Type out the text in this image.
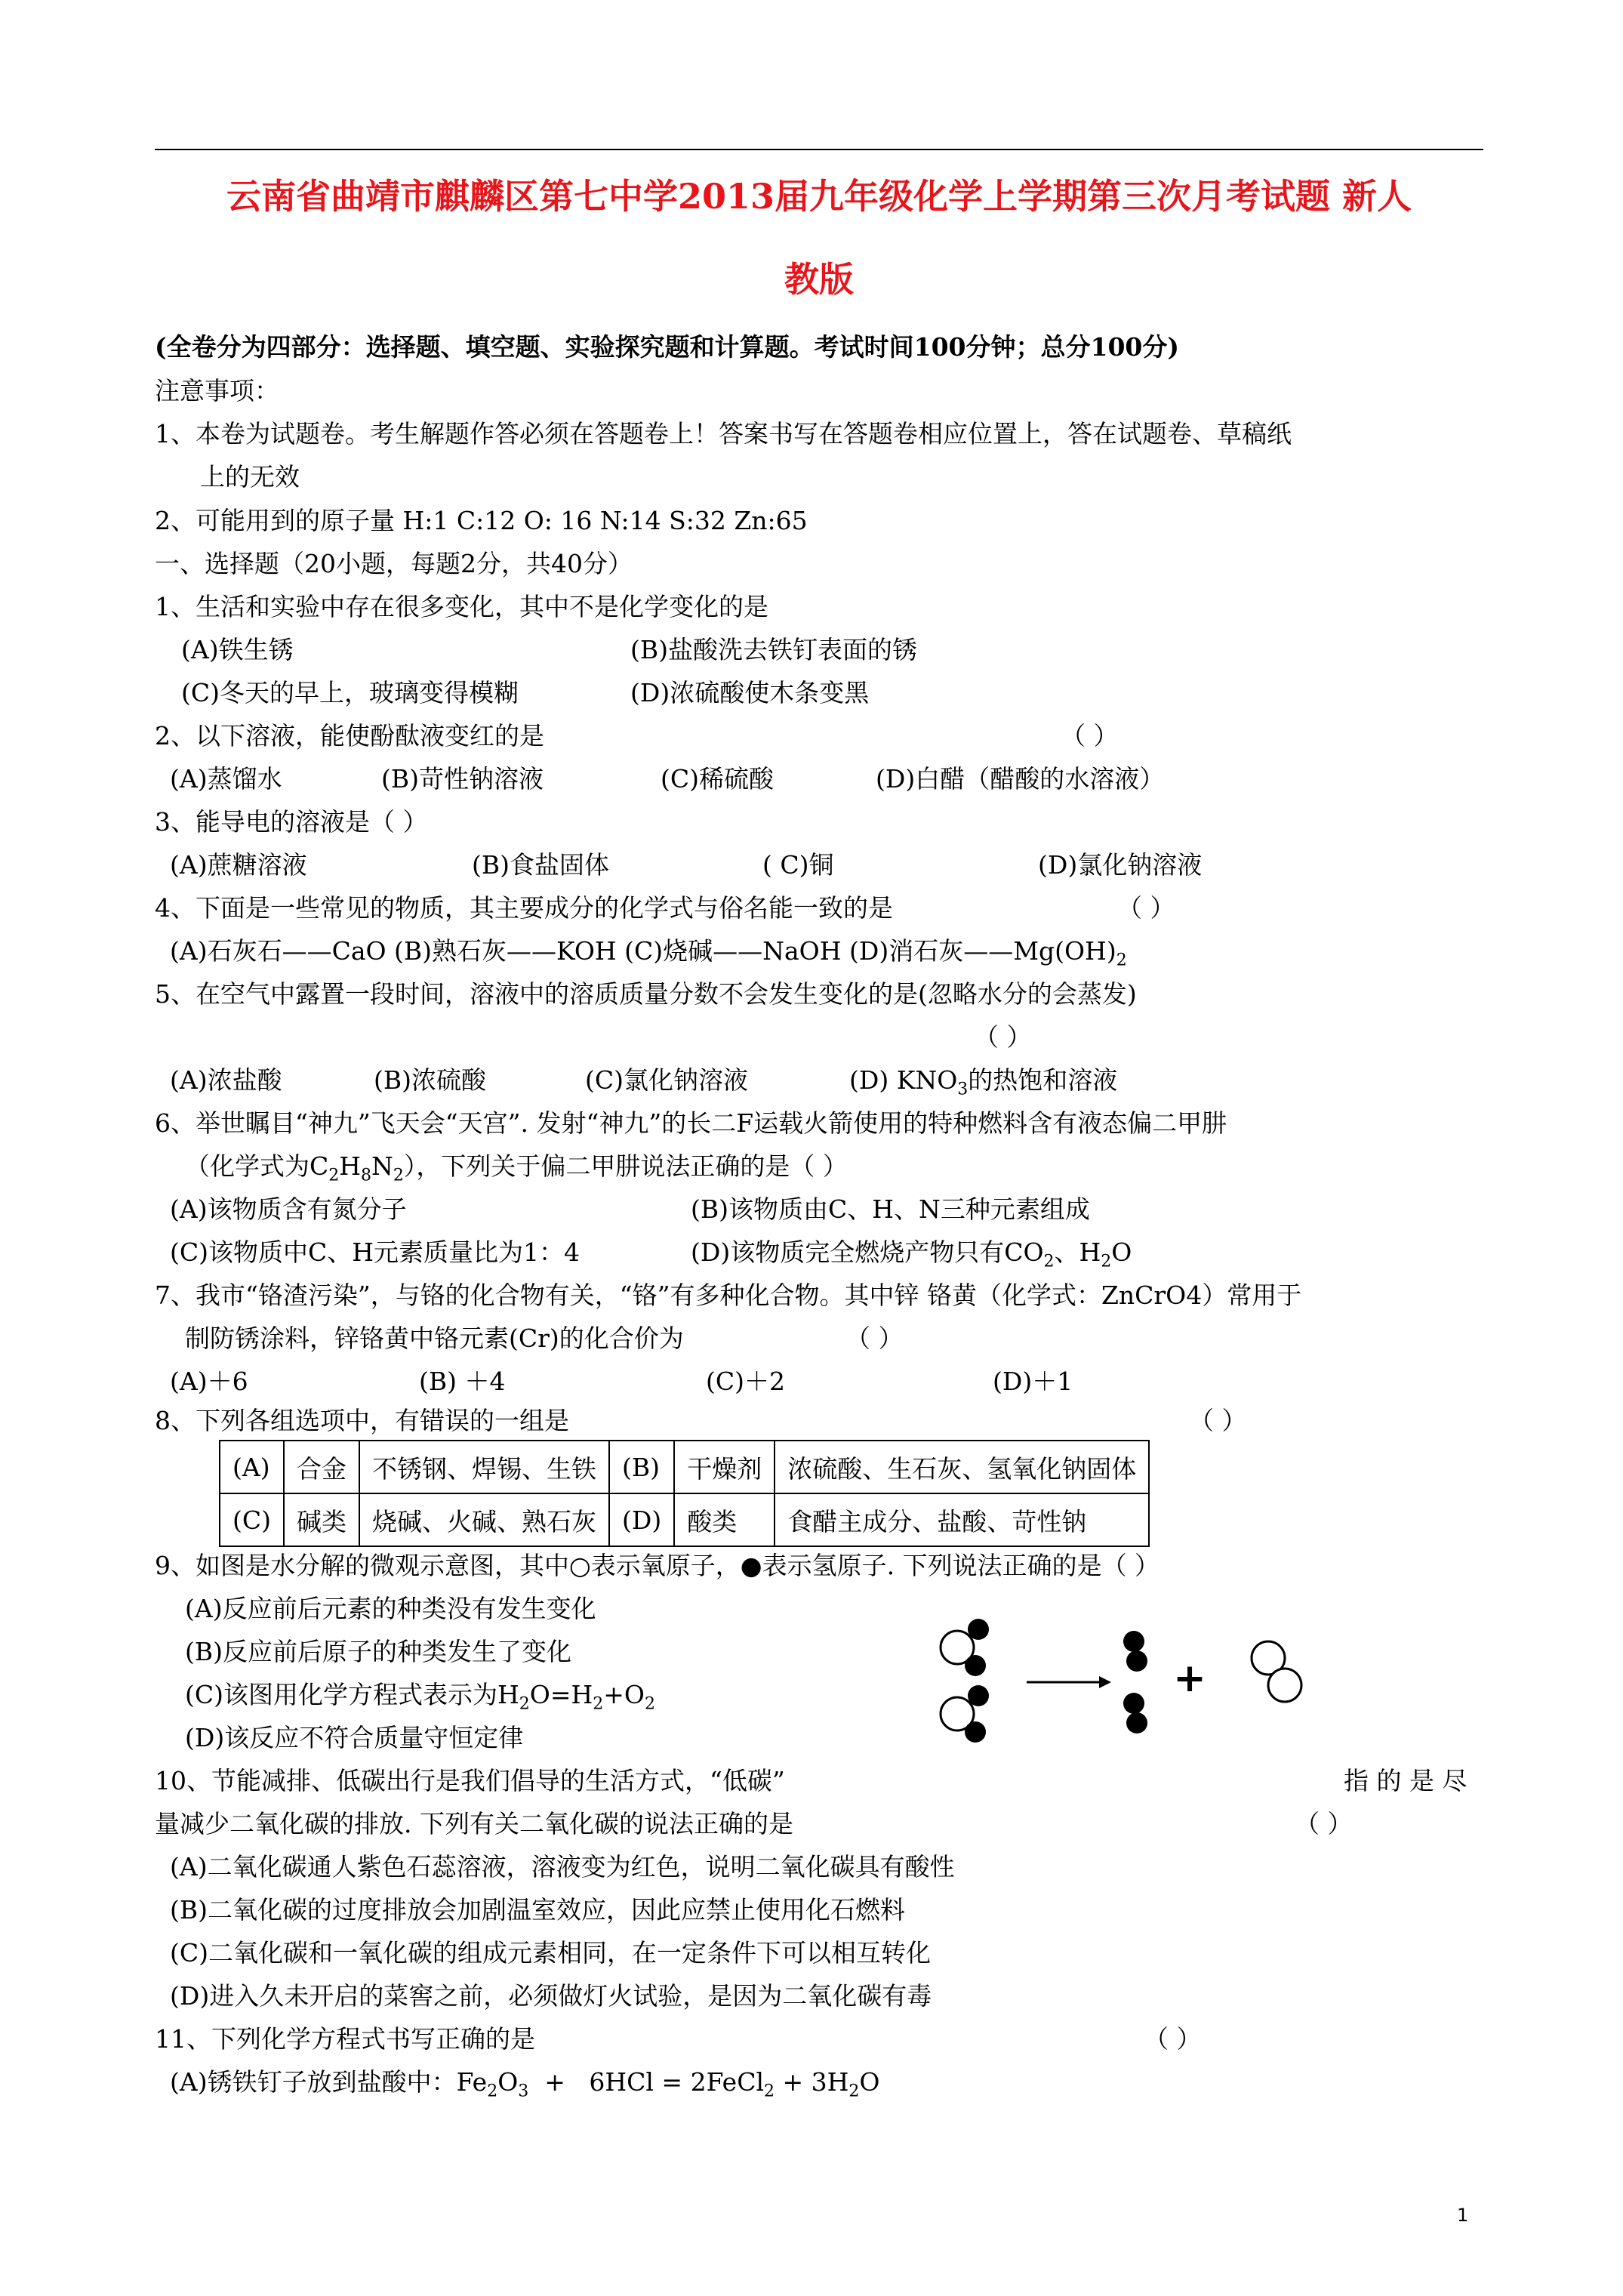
云南省曲靖市麒麟区第七中学2013届九年级化学上学期第三次月考试题 新人
教版
(全卷分为四部分：选择题、填空题、实验探究题和计算题。考试时间100分钟；总分100分)
注意事项：
1、本卷为试题卷。考生解题作答必须在答题卷上！答案书写在答题卷相应位置上，答在试题卷、草稿纸
上的无效
2、可能用到的原子量 H:1 C:12 O: 16 N:14 S:32 Zn:65
一、选择题（20小题，每题2分，共40分）
1、生活和实验中存在很多变化，其中不是化学变化的是
(A)铁生锈	(B)盐酸洗去铁钉表面的锈
(C)冬天的早上，玻璃变得模糊	(D)浓硫酸使木条变黑
2、以下溶液，能使酚酞液变红的是	（ ）
(A)蒸馏水	(B)苛性钠溶液	(C)稀硫酸	(D)白醋（醋酸的水溶液）
3、能导电的溶液是（ ）
(A)蔗糖溶液	(B)食盐固体	( C)铜	(D)氯化钠溶液
4、下面是一些常见的物质，其主要成分的化学式与俗名能一致的是	（ ）
(A)石灰石——CaO (B)熟石灰——KOH (C)烧碱——NaOH (D)消石灰$——Mg(OH)_2$
5、在空气中露置一段时间，溶液中的溶质质量分数不会发生变化的是(忽略水分的会蒸发)
（ ）
(A)浓盐酸	(B)浓硫酸	(C)氯化钠溶液	(D) $KNO_3$的热饱和溶液
6、举世瞩目“神九”飞天会“天宫”. 发射“神九”的长二F运载火箭使用的特种燃料含有液态偏二甲肼
（化学式为$C_2H_8N_2$），下列关于偏二甲肼说法正确的是（ ）
(A)该物质含有氮分子	(B)该物质由C、H、N三种元素组成
(C)该物质中C、H元素质量比为1：4	(D)该物质完全燃烧产物只有$CO_2$、$H_2O$
7、我市“铬渣污染”，与铬的化合物有关，“铬”有多种化合物。其中锌 铬黄（化学式：ZnCrO4）常用于
制防锈涂料，锌铬黄中铬元素(Cr)的化合价为	（ ）
(A)＋6	(B) ＋4	(C)＋2	(D)＋1
8、下列各组选项中，有错误的一组是	（ ）
(A)	合金	不锈钢、焊锡、生铁	(B)	干燥剂	浓硫酸、生石灰、氢氧化钠固体
(C)	碱类	烧碱、火碱、熟石灰	(D)	酸类	食醋主成分、盐酸、苛性钠
9、如图是水分解的微观示意图，其中○表示氧原子，●表示氢原子. 下列说法正确的是（ ）
(A)反应前后元素的种类没有发生变化
(B)反应前后原子的种类发生了变化
(C)该图用化学方程式表示为$H_2O=H_2+O_2$
(D)该反应不符合质量守恒定律
+
10、节能减排、低碳出行是我们倡导的生活方式，“低碳”	指 的 是 尽
量减少二氧化碳的排放. 下列有关二氧化碳的说法正确的是	（ ）
(A)二氧化碳通人紫色石蕊溶液，溶液变为红色，说明二氧化碳具有酸性
(B)二氧化碳的过度排放会加剧温室效应，因此应禁止使用化石燃料
(C)二氧化碳和一氧化碳的组成元素相同，在一定条件下可以相互转化
(D)进入久未开启的菜窖之前，必须做灯火试验，是因为二氧化碳有毒
11、下列化学方程式书写正确的是	（ ）
(A)锈铁钉子放到盐酸中：$Fe_2O_3 + 6HCl$ = 2FeCl$_2$ + $3H_2O$
1
